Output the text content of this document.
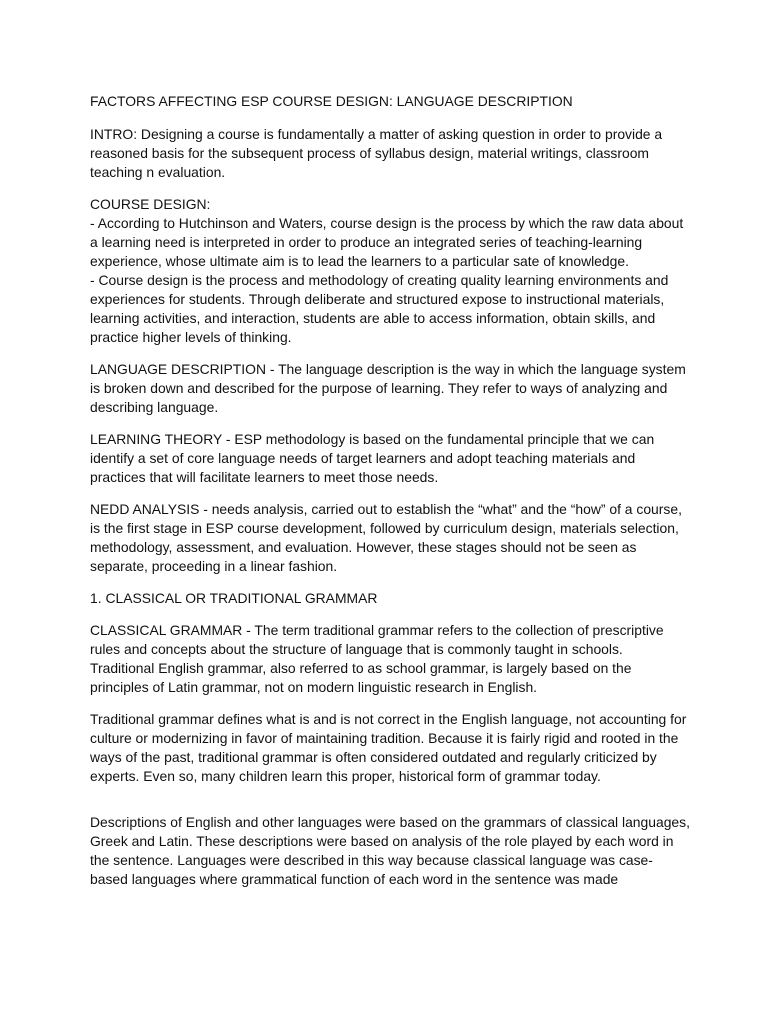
FACTORS AFFECTING ESP COURSE DESIGN: LANGUAGE DESCRIPTION

INTRO: Designing a course is fundamentally a matter of asking question in order to provide a reasoned basis for the subsequent process of syllabus design, material writings, classroom teaching n evaluation.

COURSE DESIGN:
- According to Hutchinson and Waters, course design is the process by which the raw data about a learning need is interpreted in order to produce an integrated series of teaching-learning experience, whose ultimate aim is to lead the learners to a particular sate of knowledge.
- Course design is the process and methodology of creating quality learning environments and experiences for students. Through deliberate and structured expose to instructional materials, learning activities, and interaction, students are able to access information, obtain skills, and practice higher levels of thinking.

LANGUAGE DESCRIPTION - The language description is the way in which the language system is broken down and described for the purpose of learning. They refer to ways of analyzing and describing language.

LEARNING THEORY - ESP methodology is based on the fundamental principle that we can identify a set of core language needs of target learners and adopt teaching materials and practices that will facilitate learners to meet those needs.

NEDD ANALYSIS - needs analysis, carried out to establish the “what” and the “how” of a course, is the first stage in ESP course development, followed by curriculum design, materials selection, methodology, assessment, and evaluation. However, these stages should not be seen as separate, proceeding in a linear fashion.

1. CLASSICAL OR TRADITIONAL GRAMMAR

CLASSICAL GRAMMAR - The term traditional grammar refers to the collection of prescriptive rules and concepts about the structure of language that is commonly taught in schools. Traditional English grammar, also referred to as school grammar, is largely based on the principles of Latin grammar, not on modern linguistic research in English.

Traditional grammar defines what is and is not correct in the English language, not accounting for culture or modernizing in favor of maintaining tradition. Because it is fairly rigid and rooted in the ways of the past, traditional grammar is often considered outdated and regularly criticized by experts. Even so, many children learn this proper, historical form of grammar today.

Descriptions of English and other languages were based on the grammars of classical languages, Greek and Latin. These descriptions were based on analysis of the role played by each word in the sentence. Languages were described in this way because classical language was case-based languages where grammatical function of each word in the sentence was made
